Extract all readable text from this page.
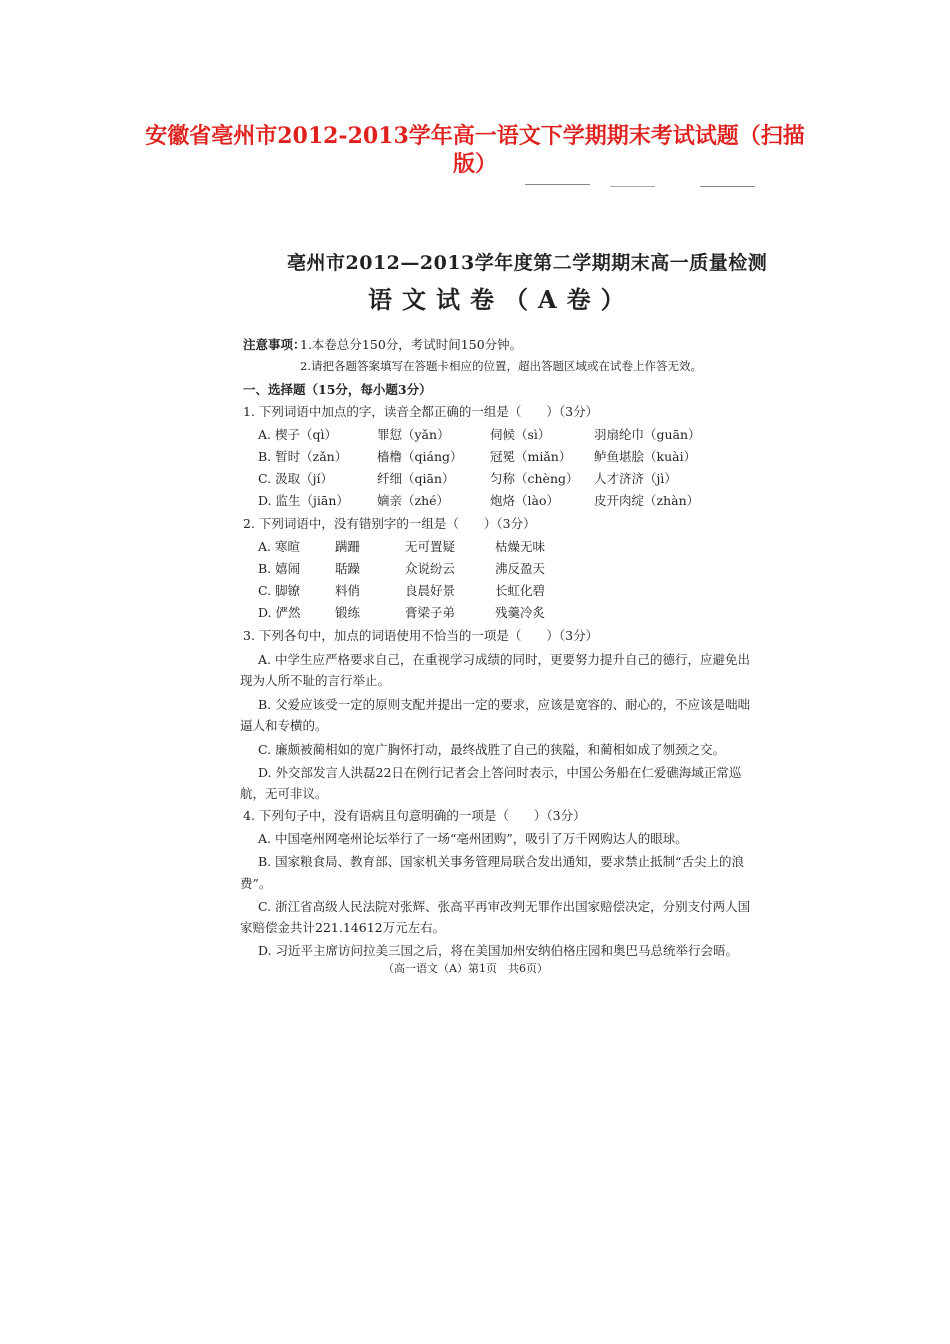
安徽省亳州市2012-2013学年高一语文下学期期末考试试题（扫描
版）
亳州市2012—2013学年度第二学期期末高一质量检测
语文试卷（A卷）
注意事项：
1.本卷总分150分，考试时间150分钟。
2.请把各题答案填写在答题卡相应的位置，超出答题区域或在试卷上作答无效。
一、选择题（15分，每小题3分）
1. 下列词语中加点的字，读音全都正确的一组是（　　）（3分）
A. 楔子（qì）	罪愆（yǎn）	伺候（sì）	羽扇纶巾（guān）
B. 暂时（zǎn） 樯橹（qiáng） 冠冕（miǎn） 鲈鱼堪脍（kuài）
C. 汲取（jí）	纤细（qiān）	匀称（chèng） 人才济济（jì）
D. 监生（jiān） 嫡亲（zhé）	炮烙（lào）	皮开肉绽（zhàn）
2. 下列词语中，没有错别字的一组是（　　）（3分）
A. 寒暄	蹒跚	无可置疑	枯燥无味
B. 嬉闹	聒躁	众说纷云	沸反盈天
C. 脚镣	料俏	良晨好景	长虹化碧
D. 俨然	锻练	膏梁子弟	残羹冷炙
3. 下列各句中，加点的词语使用不恰当的一项是（　　）（3分）
A. 中学生应严格要求自己，在重视学习成绩的同时，更要努力提升自己的德行，应避免出
现为人所不耻的言行举止。
B. 父爱应该受一定的原则支配并提出一定的要求，应该是宽容的、耐心的，不应该是咄咄
逼人和专横的。
C. 廉颇被蔺相如的宽广胸怀打动，最终战胜了自己的狭隘，和蔺相如成了刎颈之交。
D. 外交部发言人洪磊22日在例行记者会上答问时表示，中国公务船在仁爱礁海域正常巡
航，无可非议。
4. 下列句子中，没有语病且句意明确的一项是（　　）（3分）
A. 中国亳州网亳州论坛举行了一场“亳州团购”，吸引了万千网购达人的眼球。
B. 国家粮食局、教育部、国家机关事务管理局联合发出通知，要求禁止抵制“舌尖上的浪
费”。
C. 浙江省高级人民法院对张辉、张高平再审改判无罪作出国家赔偿决定，分别支付两人国
家赔偿金共计221.14612万元左右。
D. 习近平主席访问拉美三国之后，将在美国加州安纳伯格庄园和奥巴马总统举行会晤。
（高一语文（A）第1页　共6页）
